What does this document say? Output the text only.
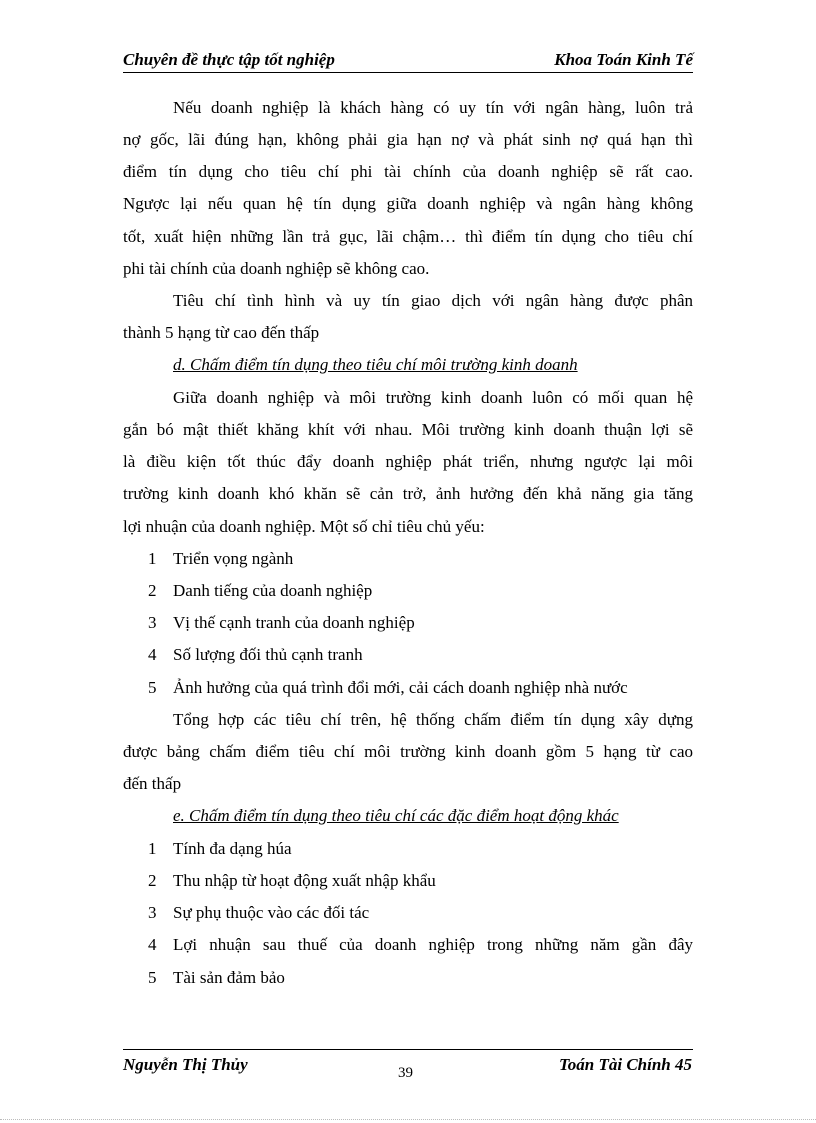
Chuyên đề thực tập tốt nghiệp	Khoa Toán Kinh Tế
Nếu doanh nghiệp là khách hàng có uy tín với ngân hàng, luôn trả
nợ gốc, lãi đúng hạn, không phải gia hạn nợ và phát sinh nợ quá hạn thì
điểm tín dụng cho tiêu chí phi tài chính của doanh nghiệp sẽ rất cao.
Ngược lại nếu quan hệ tín dụng giữa doanh nghiệp và ngân hàng không
tốt, xuất hiện những lần trả gục, lãi chậm… thì điểm tín dụng cho tiêu chí
phi tài chính của doanh nghiệp sẽ không cao.
Tiêu chí tình hình và uy tín giao dịch với ngân hàng được phân
thành 5 hạng từ cao đến thấp
d. Chấm điểm tín dụng theo tiêu chí môi trường kinh doanh
Giữa doanh nghiệp và môi trường kinh doanh luôn có mối quan hệ
gắn bó mật thiết khăng khít với nhau. Môi trường kinh doanh thuận lợi sẽ
là điều kiện tốt thúc đẩy doanh nghiệp phát triển, nhưng ngược lại môi
trường kinh doanh khó khăn sẽ cản trở, ảnh hưởng đến khả năng gia tăng
lợi nhuận của doanh nghiệp. Một số chỉ tiêu chủ yếu:
1 Triển vọng ngành
2 Danh tiếng của doanh nghiệp
3 Vị thế cạnh tranh của doanh nghiệp
4 Số lượng đối thủ cạnh tranh
5 Ảnh hưởng của quá trình đổi mới, cải cách doanh nghiệp nhà nước
Tổng hợp các tiêu chí trên, hệ thống chấm điểm tín dụng xây dựng
được bảng chấm điểm tiêu chí môi trường kinh doanh gồm 5 hạng từ cao
đến thấp
e. Chấm điểm tín dụng theo tiêu chí các đặc điểm hoạt động khác
1 Tính đa dạng húa
2 Thu nhập từ hoạt động xuất nhập khẩu
3 Sự phụ thuộc vào các đối tác
4 Lợi nhuận sau thuế của doanh nghiệp trong những năm gần đây
5 Tài sản đảm bảo
Nguyễn Thị Thủy	39	Toán Tài Chính 45
